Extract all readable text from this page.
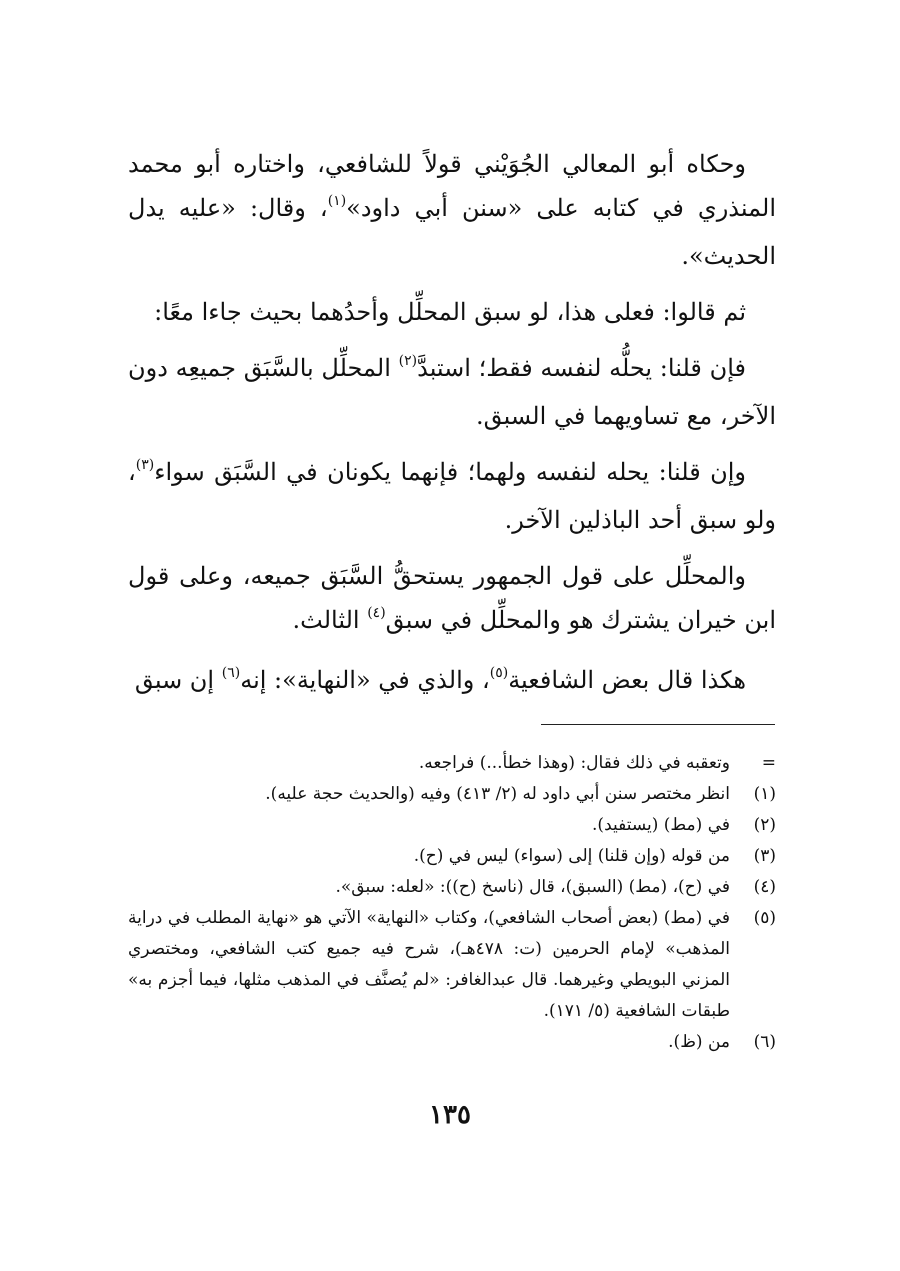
وحكاه أبو المعالي الجُوَيْني قولاً للشافعي، واختاره أبو محمد المنذري في كتابه على «سنن أبي داود»$^{(١)}$، وقال: «عليه يدل الحديث».

ثم قالوا: فعلى هذا، لو سبق المحلِّل وأحدُهما بحيث جاءا معًا:

فإن قلنا: يحلُّه لنفسه فقط؛ استبدَّ$^{(٢)}$ المحلِّل بالسَّبَق جميعِه دون الآخر، مع تساويهما في السبق.

وإن قلنا: يحله لنفسه ولهما؛ فإنهما يكونان في السَّبَق سواء$^{(٣)}$، ولو سبق أحد الباذلين الآخر.

والمحلِّل على قول الجمهور يستحقُّ السَّبَق جميعه، وعلى قول ابن خيران يشترك هو والمحلِّل في سبق$^{(٤)}$ الثالث.

هكذا قال بعض الشافعية$^{(٥)}$، والذي في «النهاية»: إنه$^{(٦)}$ إن سبق

=
وتعقبه في ذلك فقال: (وهذا خطأ...) فراجعه.
(١)
انظر مختصر سنن أبي داود له (٢/ ٤١٣) وفيه (والحديث حجة عليه).
(٢)
في (مط) (يستفيد).
(٣)
من قوله (وإن قلنا) إلى (سواء) ليس في (ح).
(٤)
في (ح)، (مط) (السبق)، قال (ناسخ (ح)): «لعله: سبق».
(٥)
في (مط) (بعض أصحاب الشافعي)، وكتاب «النهاية» الآتي هو «نهاية المطلب في دراية المذهب» لإمام الحرمين (ت: ٤٧٨هـ)، شرح فيه جميع كتب الشافعي، ومختصري المزني البويطي وغيرهما. قال عبدالغافر: «لم يُصنَّف في المذهب مثلها، فيما أجزم به» طبقات الشافعية (٥/ ١٧١).
(٦)
من (ظ).
١٣٥
